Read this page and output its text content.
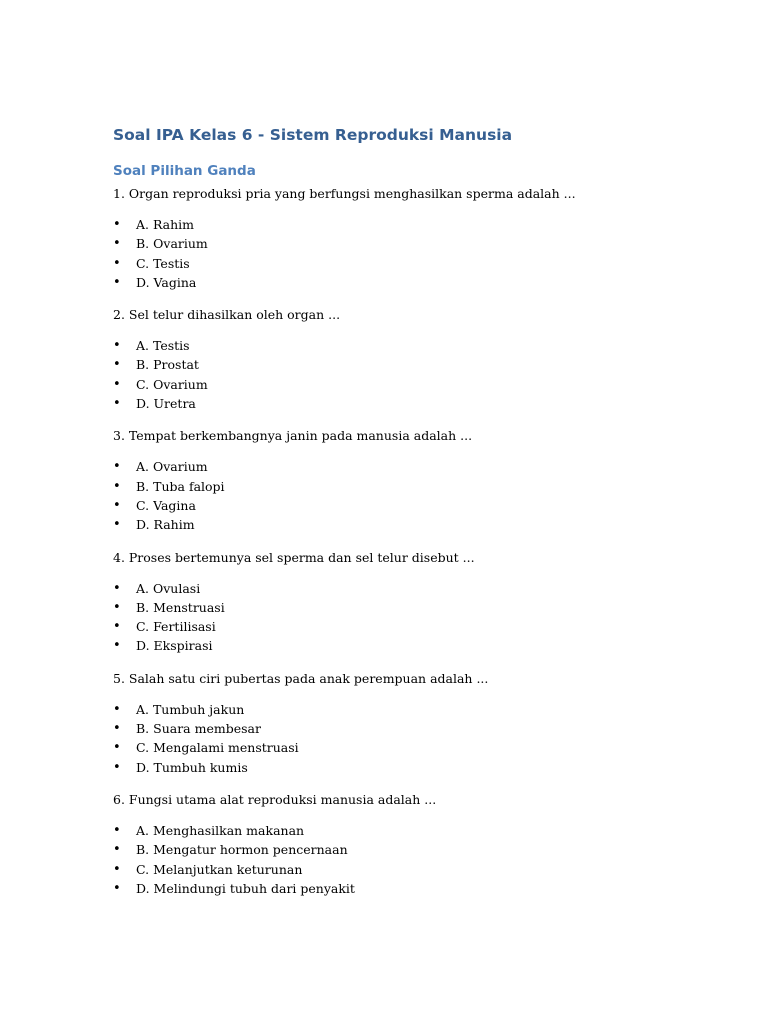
Soal IPA Kelas 6 - Sistem Reproduksi Manusia
Soal Pilihan Ganda

1. Organ reproduksi pria yang berfungsi menghasilkan sperma adalah ...

• A. Rahim
• B. Ovarium
• C. Testis
• D. Vagina

2. Sel telur dihasilkan oleh organ ...

• A. Testis
• B. Prostat
• C. Ovarium
• D. Uretra

3. Tempat berkembangnya janin pada manusia adalah ...

• A. Ovarium
• B. Tuba falopi
• C. Vagina
• D. Rahim

4. Proses bertemunya sel sperma dan sel telur disebut ...

• A. Ovulasi
• B. Menstruasi
• C. Fertilisasi
• D. Ekspirasi

5. Salah satu ciri pubertas pada anak perempuan adalah ...

• A. Tumbuh jakun
• B. Suara membesar
• C. Mengalami menstruasi
• D. Tumbuh kumis

6. Fungsi utama alat reproduksi manusia adalah ...

• A. Menghasilkan makanan
• B. Mengatur hormon pencernaan
• C. Melanjutkan keturunan
• D. Melindungi tubuh dari penyakit
